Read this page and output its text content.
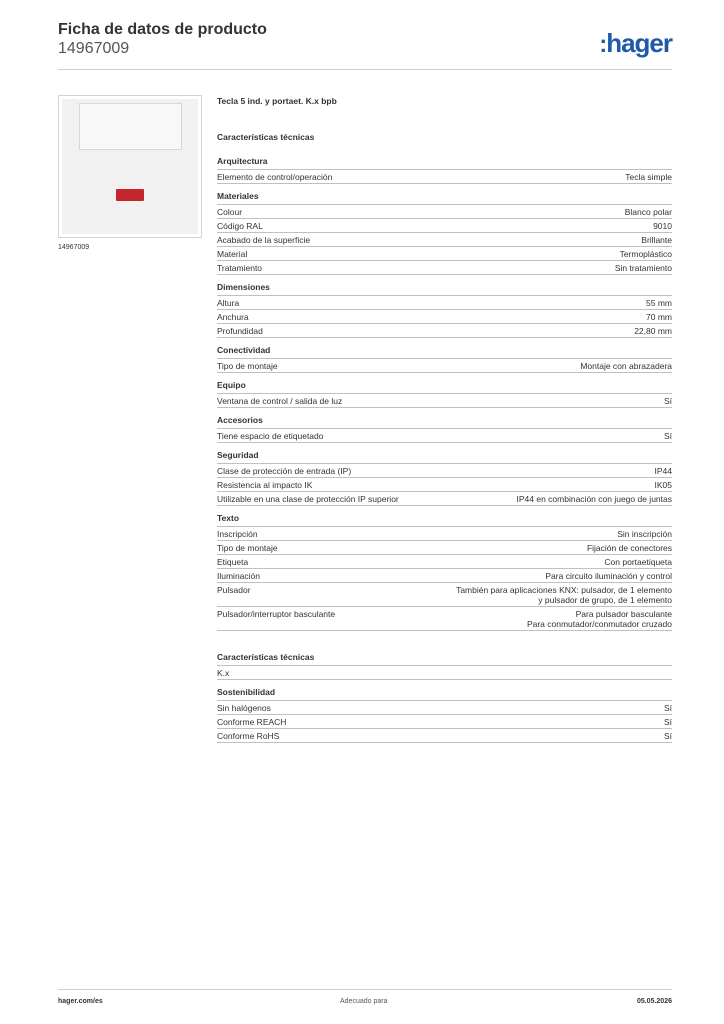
Ficha de datos de producto
14967009	:hager
14967009
Tecla 5 ind. y portaet. K.x bpb
Características técnicas
Arquitectura
Elemento de control/operación	Tecla simple
Materiales
Colour	Blanco polar
Código RAL	9010
Acabado de la superficie	Brillante
Material	Termoplástico
Tratamiento	Sin tratamiento
Dimensiones
Altura	55 mm
Anchura	70 mm
Profundidad	22,80 mm
Conectividad
Tipo de montaje	Montaje con abrazadera
Equipo
Ventana de control / salida de luz	Sí
Accesorios
Tiene espacio de etiquetado	Sí
Seguridad
Clase de protección de entrada (IP)	IP44
Resistencia al impacto IK	IK05
Utilizable en una clase de protección IP superior	IP44 en combinación con juego de juntas
Texto
Inscripción	Sin inscripción
Tipo de montaje	Fijación de conectores
Etiqueta	Con portaetiqueta
Iluminación	Para circuito iluminación y control
Pulsador	También para aplicaciones KNX: pulsador, de 1 elemento
y pulsador de grupo, de 1 elemento
Pulsador/interruptor basculante	Para pulsador basculante
Para conmutador/conmutador cruzado
Características técnicas
K.x
Sostenibilidad
Sin halógenos	Sí
Conforme REACH	Sí
Conforme RoHS	Sí
hager.com/es	Adecuado para	05.05.2026
